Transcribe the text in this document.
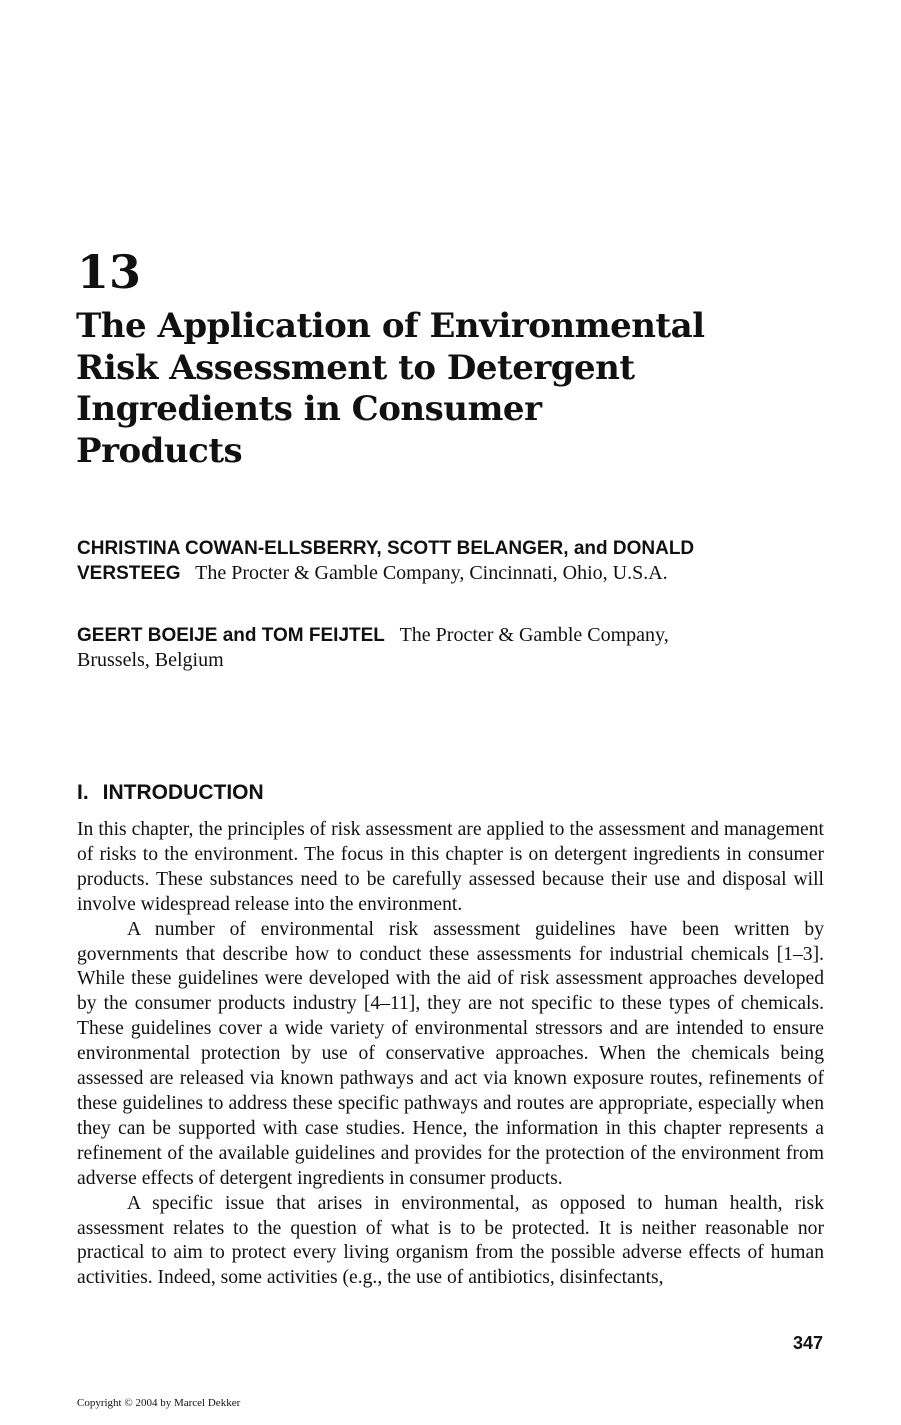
13
The Application of Environmental Risk Assessment to Detergent Ingredients in Consumer Products

CHRISTINA COWAN-ELLSBERRY, SCOTT BELANGER, and DONALD VERSTEEG The Procter & Gamble Company, Cincinnati, Ohio, U.S.A.

GEERT BOEIJE and TOM FEIJTEL The Procter & Gamble Company, Brussels, Belgium

I. INTRODUCTION

In this chapter, the principles of risk assessment are applied to the assessment and management of risks to the environment. The focus in this chapter is on detergent ingredients in consumer products. These substances need to be carefully assessed because their use and disposal will involve widespread release into the environment.

A number of environmental risk assessment guidelines have been written by governments that describe how to conduct these assessments for industrial chemicals [1–3]. While these guidelines were developed with the aid of risk assessment approaches developed by the consumer products industry [4–11], they are not specific to these types of chemicals. These guidelines cover a wide variety of environmental stressors and are intended to ensure environmental protection by use of conservative approaches. When the chemicals being assessed are released via known pathways and act via known exposure routes, refinements of these guidelines to address these specific pathways and routes are appropriate, especially when they can be supported with case studies. Hence, the information in this chapter represents a refinement of the available guidelines and provides for the protection of the environment from adverse effects of detergent ingredients in consumer products.

A specific issue that arises in environmental, as opposed to human health, risk assessment relates to the question of what is to be protected. It is neither reasonable nor practical to aim to protect every living organism from the possible adverse effects of human activities. Indeed, some activities (e.g., the use of antibiotics, disinfectants,

347

Copyright © 2004 by Marcel Dekker
